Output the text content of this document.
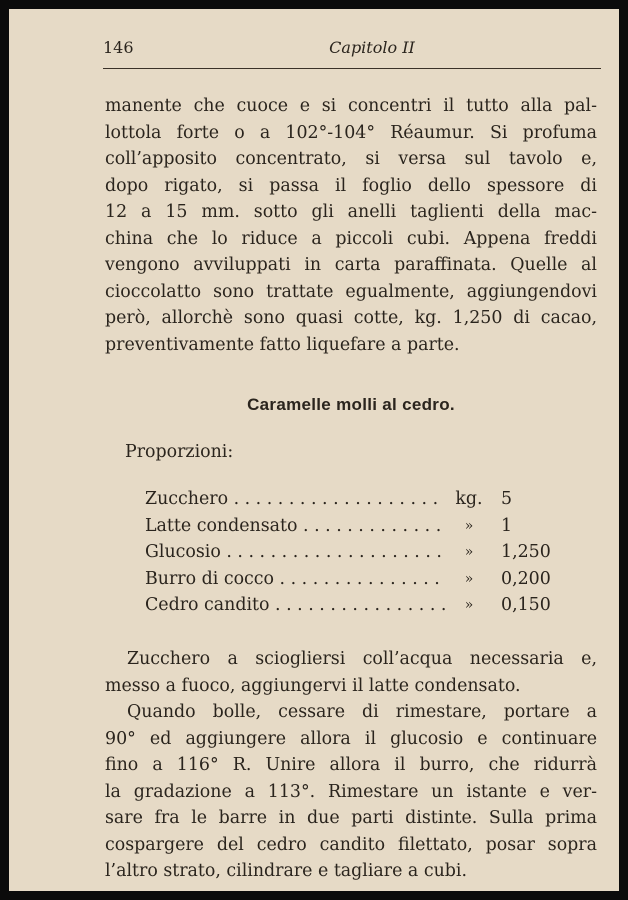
146	Capitolo II

manente che cuoce e si concentri il tutto alla pal-

lottola forte o a 102°-104° Réaumur. Si profuma

coll’apposito concentrato, si versa sul tavolo e,

dopo rigato, si passa il foglio dello spessore di

12 a 15 mm. sotto gli anelli taglienti della mac-

china che lo riduce a piccoli cubi. Appena freddi

vengono avviluppati in carta paraffinata. Quelle al

cioccolatto sono trattate egualmente, aggiungendovi

però, allorchè sono quasi cotte, kg. 1,250 di cacao,

preventivamente fatto liquefare a parte.

Caramelle molli al cedro.
Proporzioni:
Zucchero . . .	kg.	5
Latte condensato . . .	»	1
Glucosio . . .	»	1,250
Burro di cocco . . .	»	0,200
Cedro candito . . .	»	0,150

Zucchero a sciogliersi coll’acqua necessaria e,

messo a fuoco, aggiungervi il latte condensato.

Quando bolle, cessare di rimestare, portare a

90° ed aggiungere allora il glucosio e continuare

fino a 116° R. Unire allora il burro, che ridurrà

la gradazione a 113°. Rimestare un istante e ver-

sare fra le barre in due parti distinte. Sulla prima

cospargere del cedro candito filettato, posar sopra

l’altro strato, cilindrare e tagliare a cubi.
